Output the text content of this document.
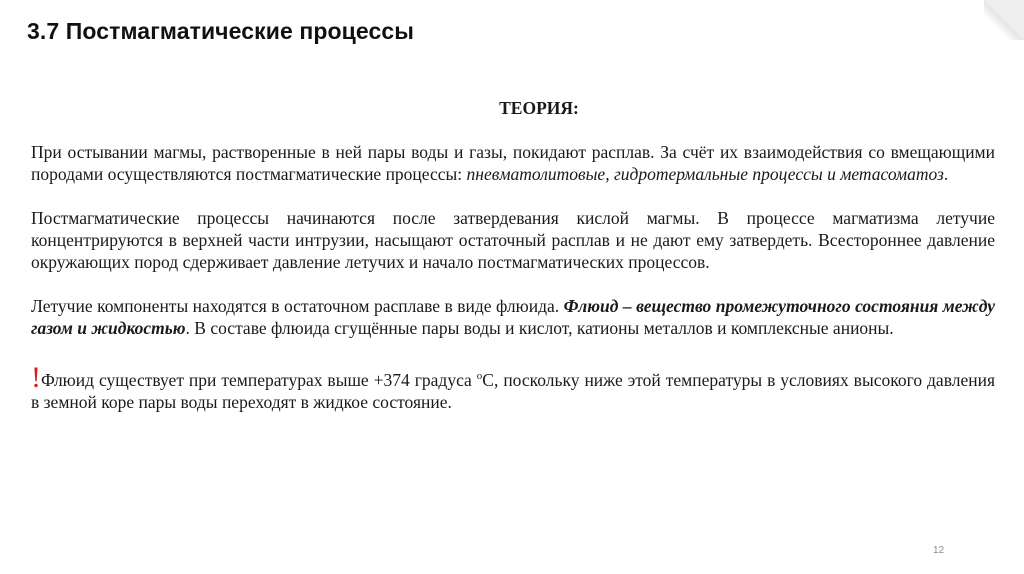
3.7 Постмагматические процессы

ТЕОРИЯ:

При остывании магмы, растворенные в ней пары воды и газы, покидают расплав. За счёт их взаимодействия со вмещающими породами осуществляются постмагматические процессы: пневматолитовые, гидротермальные процессы и метасоматоз.

Постмагматические процессы начинаются после затвердевания кислой магмы. В процессе магматизма летучие концентрируются в верхней части интрузии, насыщают остаточный расплав и не дают ему затвердеть. Всестороннее давление окружающих пород сдерживает давление летучих и начало постмагматических процессов.

Летучие компоненты находятся в остаточном расплаве в виде флюида. Флюид – вещество промежуточного состояния между газом и жидкостью. В составе флюида сгущённые пары воды и кислот, катионы металлов и комплексные анионы.

!Флюид существует при температурах выше +374 градуса $^о$С, поскольку ниже этой температуры в условиях высокого давления в земной коре пары воды переходят в жидкое состояние.

12
